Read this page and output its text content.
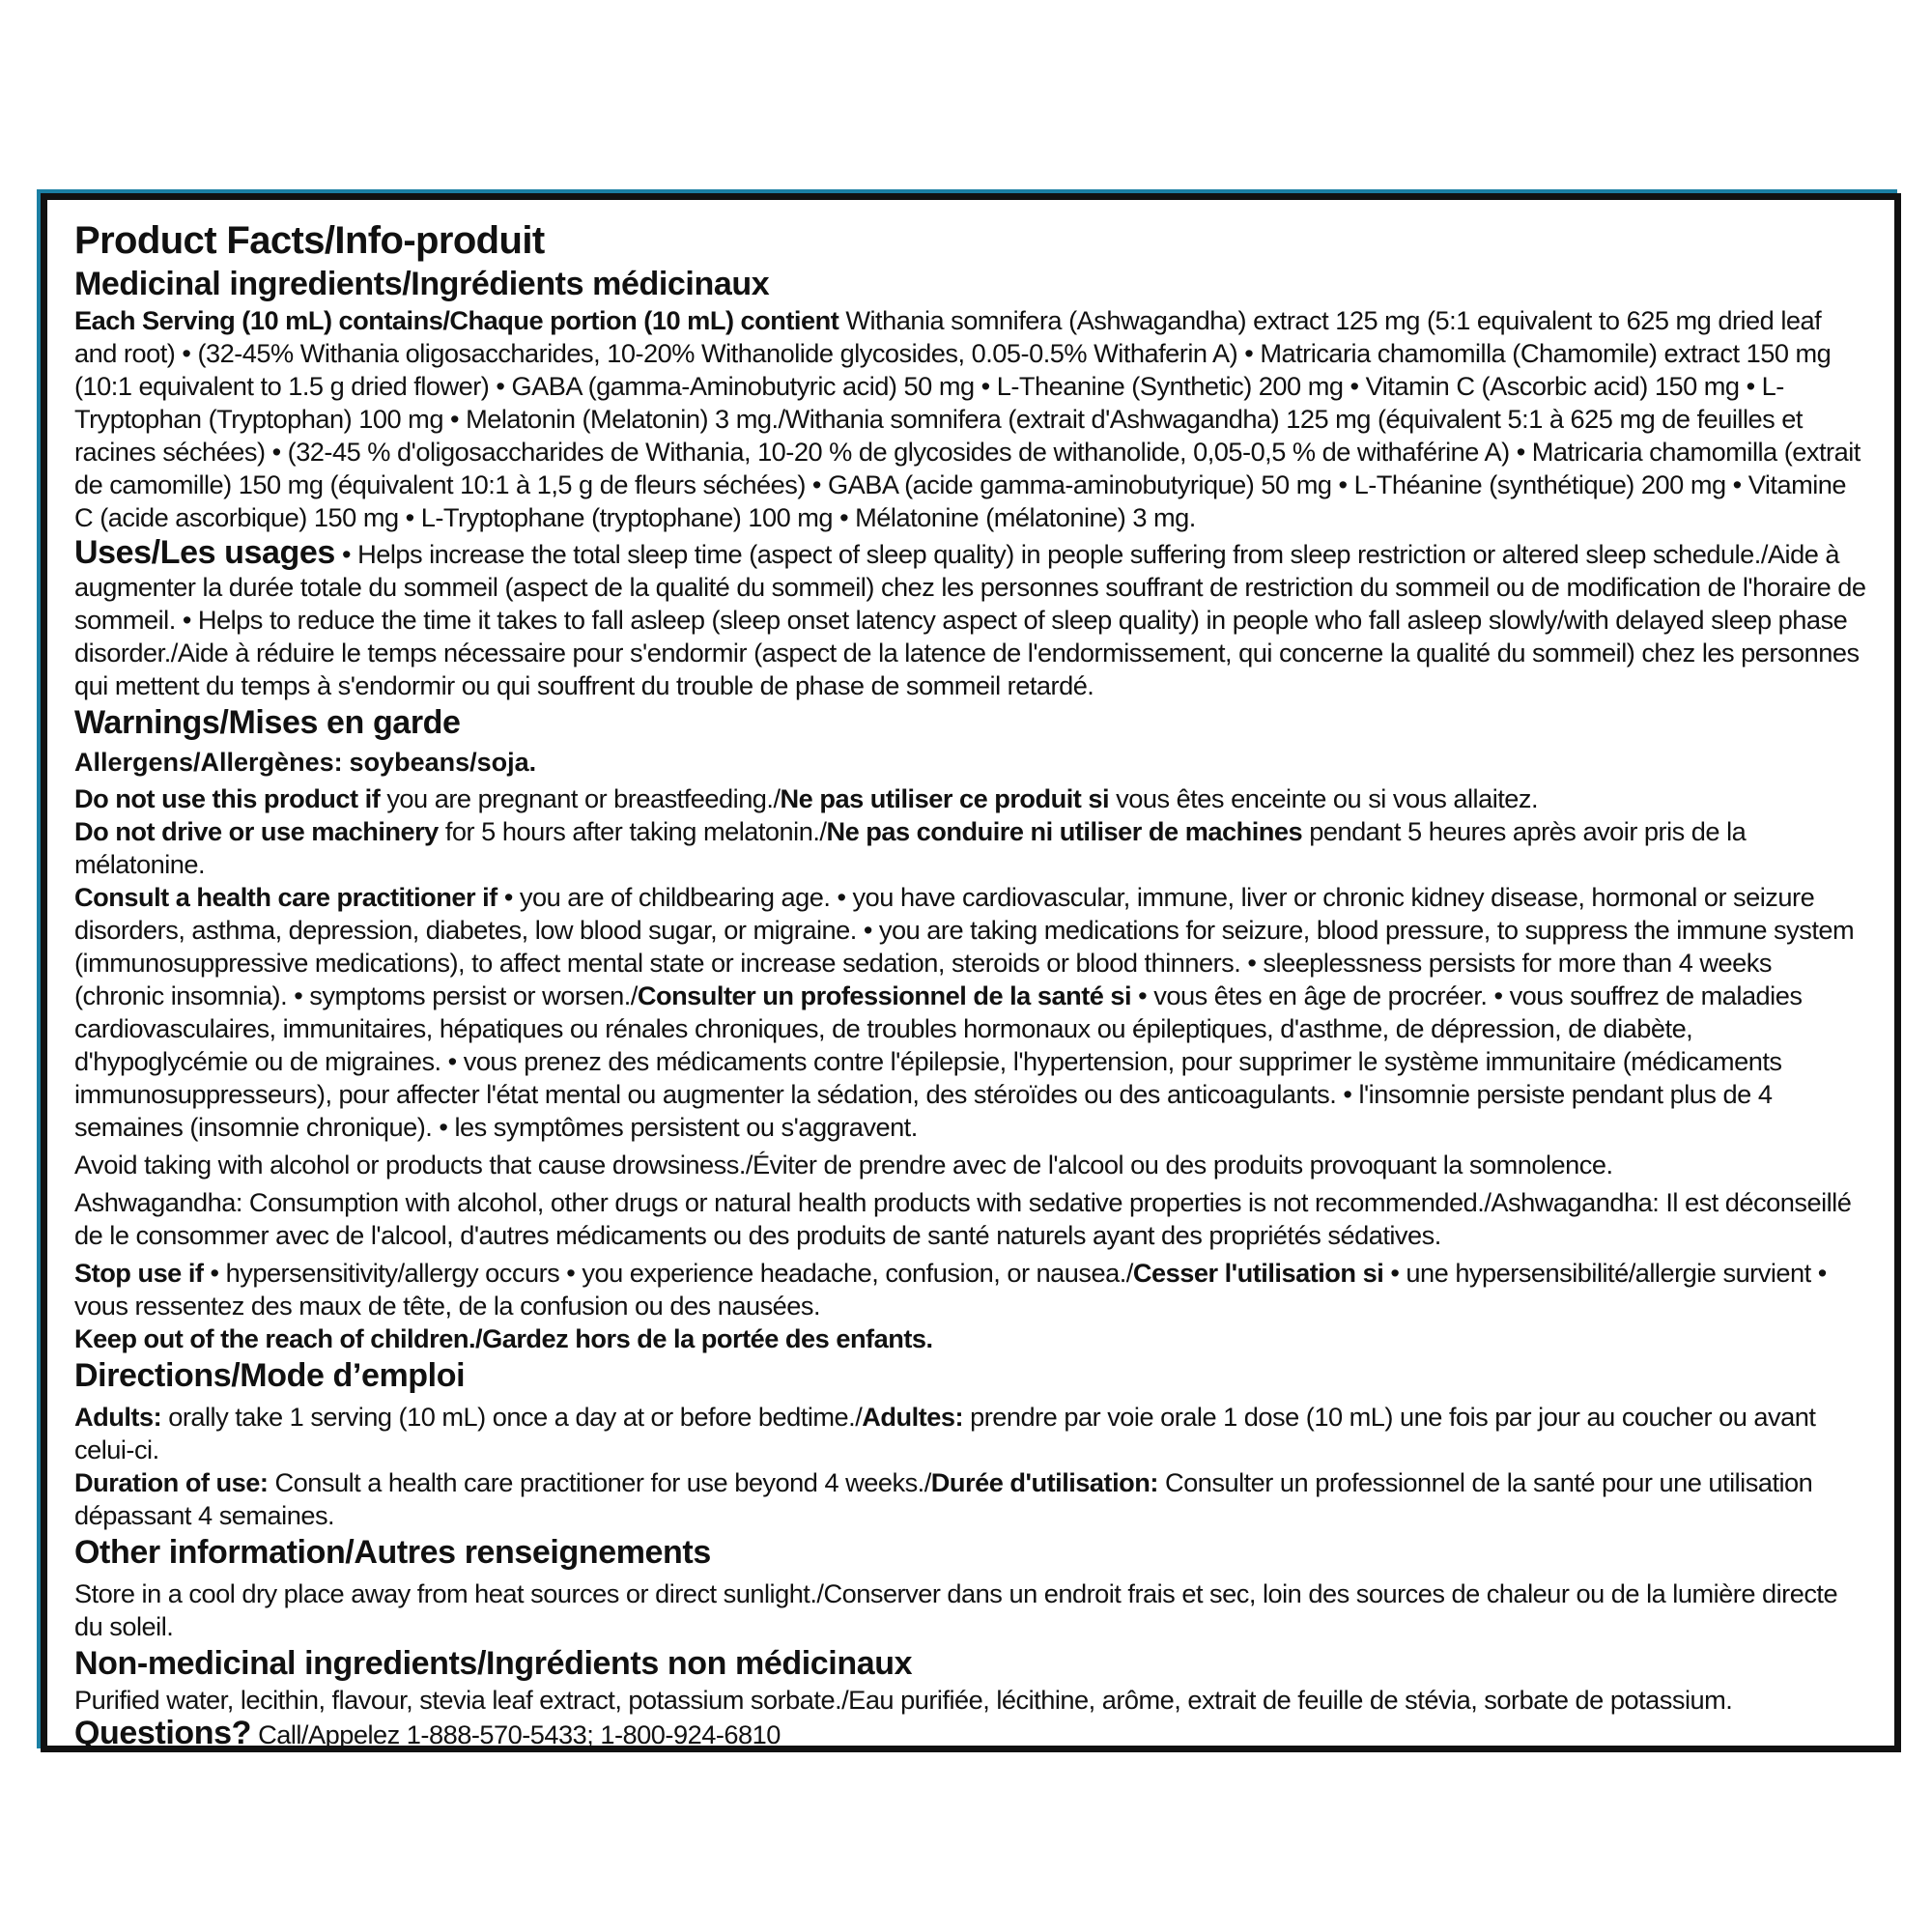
Product Facts/Info-produit
Medicinal ingredients/Ingrédients médicinaux

Each Serving (10 mL) contains/Chaque portion (10 mL) contient Withania somnifera (Ashwagandha) extract 125 mg (5:1 equivalent to 625 mg dried leaf and root) • (32-45% Withania oligosaccharides, 10-20% Withanolide glycosides, 0.05-0.5% Withaferin A) • Matricaria chamomilla (Chamomile) extract 150 mg (10:1 equivalent to 1.5 g dried flower) • GABA (gamma-Aminobutyric acid) 50 mg • L-Theanine (Synthetic) 200 mg • Vitamin C (Ascorbic acid) 150 mg • L-Tryptophan (Tryptophan) 100 mg • Melatonin (Melatonin) 3 mg./Withania somnifera (extrait d'Ashwagandha) 125 mg (équivalent 5:1 à 625 mg de feuilles et racines séchées) • (32-45 % d'oligosaccharides de Withania, 10-20 % de glycosides de withanolide, 0,05-0,5 % de withaférine A) • Matricaria chamomilla (extrait de camomille) 150 mg (équivalent 10:1 à 1,5 g de fleurs séchées) • GABA (acide gamma-aminobutyrique) 50 mg • L-Théanine (synthétique) 200 mg • Vitamine C (acide ascorbique) 150 mg • L-Tryptophane (tryptophane) 100 mg • Mélatonine (mélatonine) 3 mg.

Uses/Les usages • Helps increase the total sleep time (aspect of sleep quality) in people suffering from sleep restriction or altered sleep schedule./Aide à augmenter la durée totale du sommeil (aspect de la qualité du sommeil) chez les personnes souffrant de restriction du sommeil ou de modification de l'horaire de sommeil. • Helps to reduce the time it takes to fall asleep (sleep onset latency aspect of sleep quality) in people who fall asleep slowly/with delayed sleep phase disorder./Aide à réduire le temps nécessaire pour s'endormir (aspect de la latence de l'endormissement, qui concerne la qualité du sommeil) chez les personnes qui mettent du temps à s'endormir ou qui souffrent du trouble de phase de sommeil retardé.

Warnings/Mises en garde
Allergens/Allergènes: soybeans/soja.

Do not use this product if you are pregnant or breastfeeding./Ne pas utiliser ce produit si vous êtes enceinte ou si vous allaitez.

Do not drive or use machinery for 5 hours after taking melatonin./Ne pas conduire ni utiliser de machines pendant 5 heures après avoir pris de la mélatonine.

Consult a health care practitioner if • you are of childbearing age. • you have cardiovascular, immune, liver or chronic kidney disease, hormonal or seizure disorders, asthma, depression, diabetes, low blood sugar, or migraine. • you are taking medications for seizure, blood pressure, to suppress the immune system (immunosuppressive medications), to affect mental state or increase sedation, steroids or blood thinners. • sleeplessness persists for more than 4 weeks (chronic insomnia). • symptoms persist or worsen./Consulter un professionnel de la santé si • vous êtes en âge de procréer. • vous souffrez de maladies cardiovasculaires, immunitaires, hépatiques ou rénales chroniques, de troubles hormonaux ou épileptiques, d'asthme, de dépression, de diabète, d'hypoglycémie ou de migraines. • vous prenez des médicaments contre l'épilepsie, l'hypertension, pour supprimer le système immunitaire (médicaments immunosuppresseurs), pour affecter l'état mental ou augmenter la sédation, des stéroïdes ou des anticoagulants. • l'insomnie persiste pendant plus de 4 semaines (insomnie chronique). • les symptômes persistent ou s'aggravent.

Avoid taking with alcohol or products that cause drowsiness./Éviter de prendre avec de l'alcool ou des produits provoquant la somnolence.

Ashwagandha: Consumption with alcohol, other drugs or natural health products with sedative properties is not recommended./Ashwagandha: Il est déconseillé de le consommer avec de l'alcool, d'autres médicaments ou des produits de santé naturels ayant des propriétés sédatives.

Stop use if • hypersensitivity/allergy occurs • you experience headache, confusion, or nausea./Cesser l'utilisation si • une hypersensibilité/allergie survient • vous ressentez des maux de tête, de la confusion ou des nausées.

Keep out of the reach of children./Gardez hors de la portée des enfants.

Directions/Mode d’emploi

Adults: orally take 1 serving (10 mL) once a day at or before bedtime./Adultes: prendre par voie orale 1 dose (10 mL) une fois par jour au coucher ou avant celui-ci.

Duration of use: Consult a health care practitioner for use beyond 4 weeks./Durée d'utilisation: Consulter un professionnel de la santé pour une utilisation dépassant 4 semaines.

Other information/Autres renseignements

Store in a cool dry place away from heat sources or direct sunlight./Conserver dans un endroit frais et sec, loin des sources de chaleur ou de la lumière directe du soleil.

Non-medicinal ingredients/Ingrédients non médicinaux

Purified water, lecithin, flavour, stevia leaf extract, potassium sorbate./Eau purifiée, lécithine, arôme, extrait de feuille de stévia, sorbate de potassium.

Questions? Call/Appelez 1-888-570-5433; 1-800-924-6810
